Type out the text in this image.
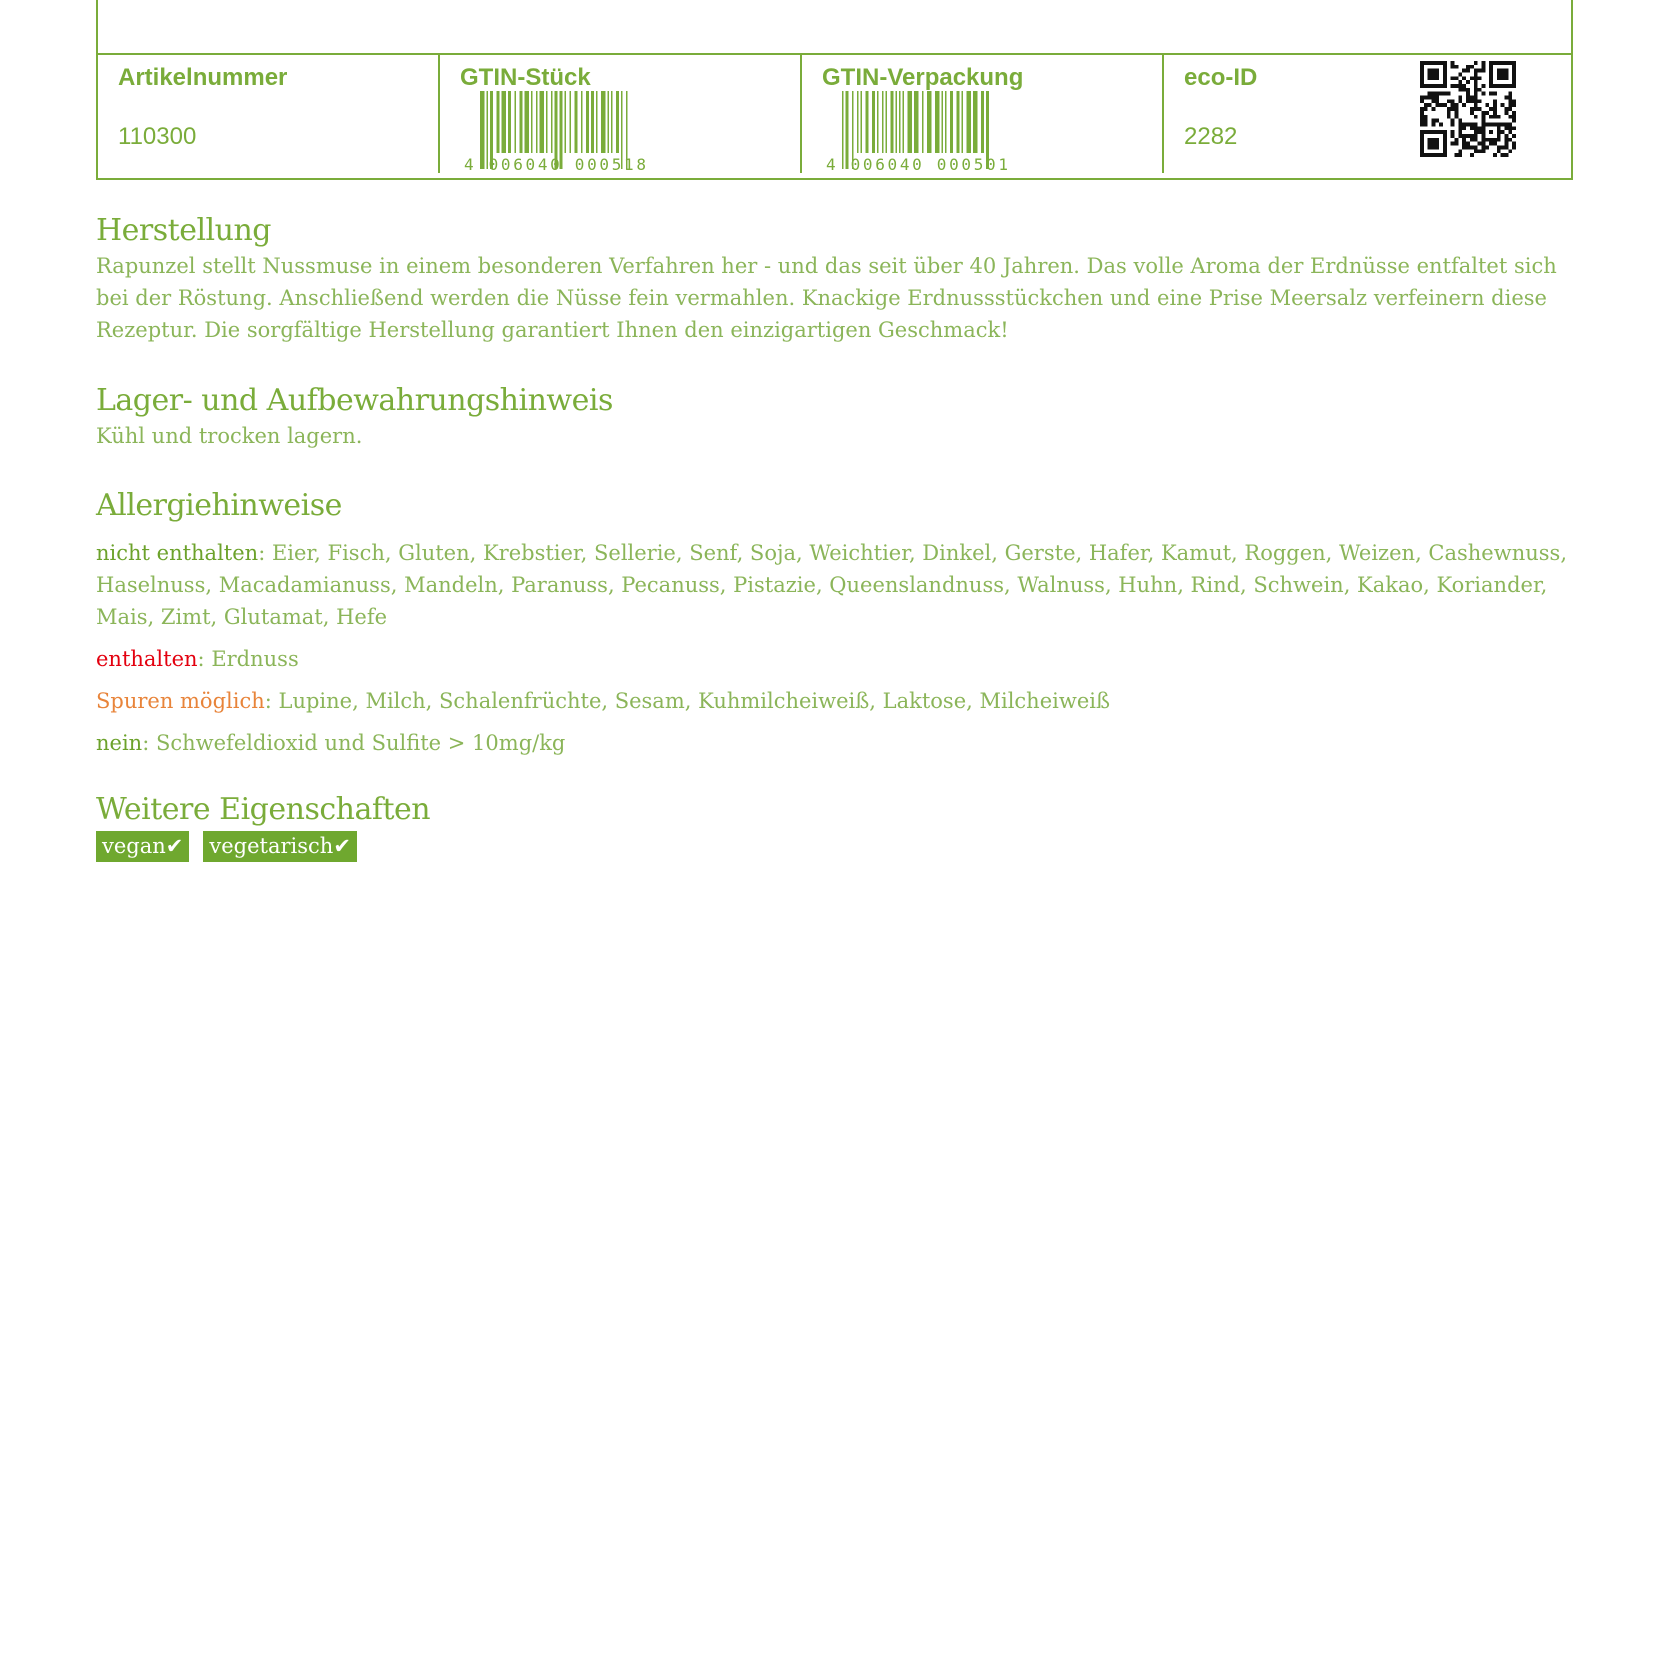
Artikelnummer
110300
GTIN-Stück
4 006040 000518
GTIN-Verpackung
4 006040 000501
eco-ID
2282
Herstellung

Rapunzel stellt Nussmuse in einem besonderen Verfahren her - und das seit über 40 Jahren. Das volle Aroma der Erdnüsse entfaltet sich bei der Röstung. Anschließend werden die Nüsse fein vermahlen. Knackige Erdnussstückchen und eine Prise Meersalz verfeinern diese Rezeptur. Die sorgfältige Herstellung garantiert Ihnen den einzigartigen Geschmack!

Lager- und Aufbewahrungshinweis

Kühl und trocken lagern.

Allergiehinweise

nicht enthalten: Eier, Fisch, Gluten, Krebstier, Sellerie, Senf, Soja, Weichtier, Dinkel, Gerste, Hafer, Kamut, Roggen, Weizen, Cashewnuss, Haselnuss, Macadamianuss, Mandeln, Paranuss, Pecanuss, Pistazie, Queenslandnuss, Walnuss, Huhn, Rind, Schwein, Kakao, Koriander, Mais, Zimt, Glutamat, Hefe

enthalten: Erdnuss

Spuren möglich: Lupine, Milch, Schalenfrüchte, Sesam, Kuhmilcheiweiß, Laktose, Milcheiweiß

nein: Schwefeldioxid und Sulfite > 10mg/kg

Weitere Eigenschaften
vegan✔ vegetarisch✔
